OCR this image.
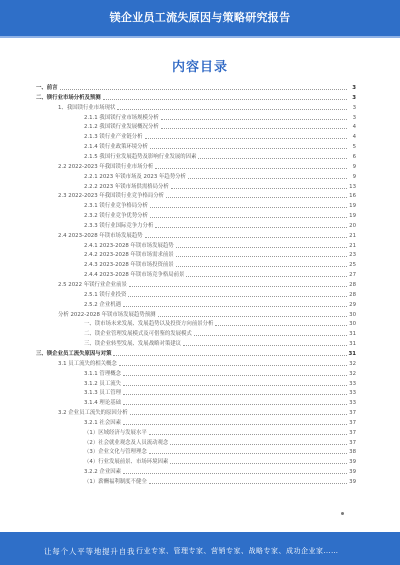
镁企业员工流失原因与策略研究报告
内容目录
一、前言	3
二、镁行业市场分析及预测	3
1、我国镁行业市场现状	3
2.1.1 我国镁行业市场规模分析	3
2.1.2 我国镁行业发展概况分析	4
2.1.3 镁行业产业链分析	4
2.1.4 镁行业政策环境分析	5
2.1.5 我国行业发展趋势及影响行业发展的因素	6
2.2 2022-2023 年我国镁行业市场分析	9
2.2.1 2023 年镁市场及 2023 年趋势分析	9
2.2.2 2023 年镁市场供需格局分析	13
2.3 2022-2023 年我国镁行业竞争格局分析	16
2.3.1 镁行业竞争格局分析	19
2.3.2 镁行业竞争优势分析	19
2.3.3 镁行业国际竞争力分析	20
2.4 2023-2028 年镁市场发展趋势	21
2.4.1 2023-2028 年镁市场发展趋势	21
2.4.2 2023-2028 年镁市场需求前景	23
2.4.3 2023-2028 年镁市场投资前景	25
2.4.4 2023-2028 年镁市场竞争格局前景	27
2.5 2022 年镁行业企业前景	28
2.5.1 镁行业投资	28
2.5.2 企业机遇	29
分析 2022-2028 年镁市场发展趋势预测	30
一、镁市场未来发展、发展趋势以及投资方向前景分析	30
二、镁企业管理发展模式及可借鉴的发展模式	31
三、镁企业转型发展、发展战略对策建议	31
三、镁企业员工流失原因与对策	31
3.1 员工流失的相关概念	32
3.1.1 管理概念	32
3.1.2 员工流失	33
3.1.3 员工管理	33
3.1.4 理论基础	33
3.2 企业员工流失的原因分析	37
3.2.1 社会因素	37
（1）区域经济与发展水平	37
（2）社会就业观念及人员流动观念	37
（3）企业文化与管理理念	38
（4）行业发展前景、市场环境因素	39
3.2.2 企业因素	39
（1）薪酬福利制度不健全	39
让每个人平等地提升自我 行业专家、管理专家、营销专家、战略专家、成功企业家……
